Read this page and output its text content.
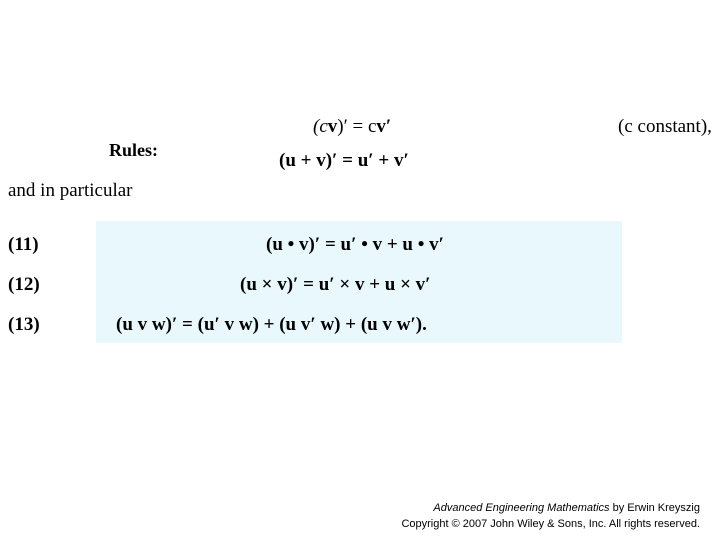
(cv)′ = cv′	(c constant),
Rules:	(u + v)′ = u′ + v′
and in particular
(11)	(u • v)′ = u′ • v + u • v′
(12)	(u × v)′ = u′ × v + u × v′
(13)	(u v w)′ = (u′ v w) + (u v′ w) + (u v w′).
Advanced Engineering Mathematics by Erwin Kreyszig
Copyright © 2007 John Wiley & Sons, Inc. All rights reserved.
